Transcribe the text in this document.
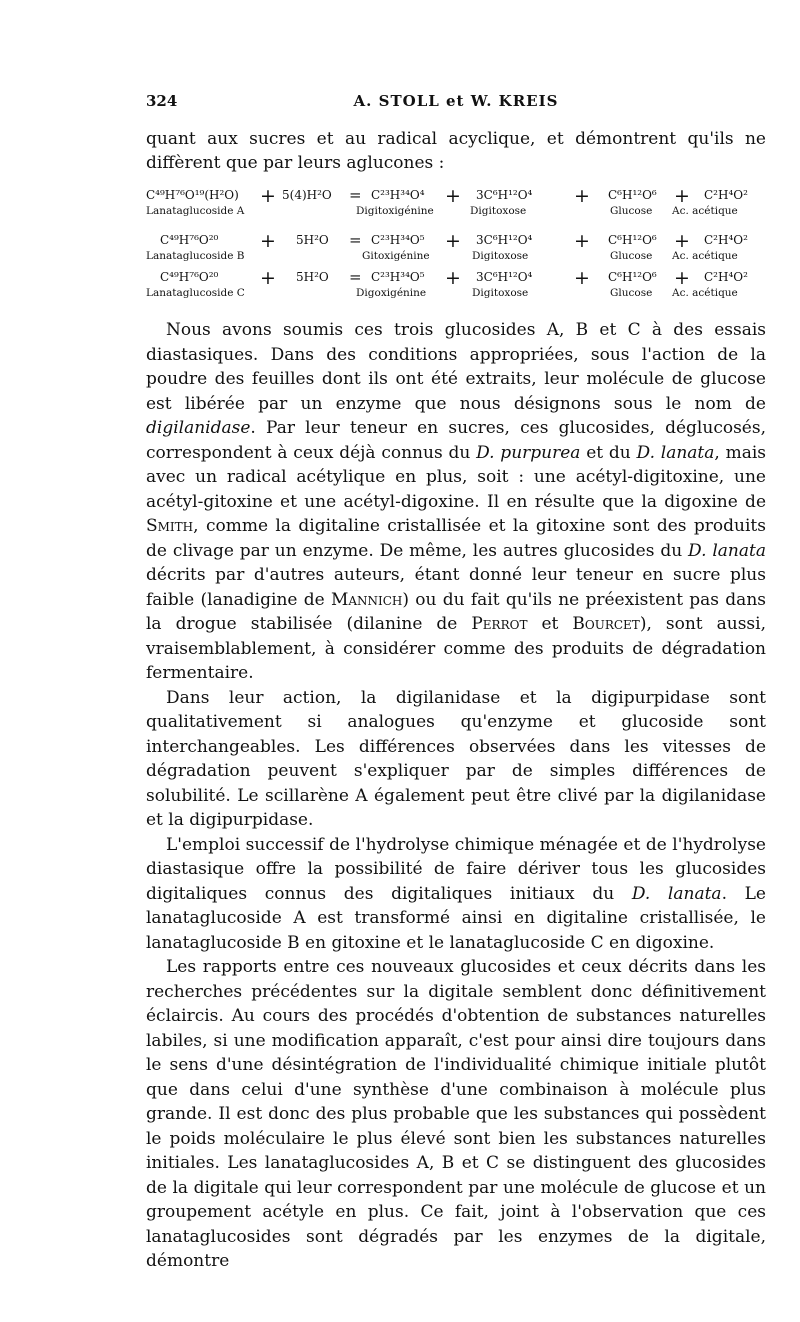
324	A. STOLL et W. KREIS
quant aux sucres et au radical acyclique, et démontrent qu'ils ne diffèrent que par leurs aglucones :
C⁴⁹H⁷⁶O¹⁹(H²O)
Lanataglucoside A
+ 5(4)H²O = C²³H³⁴O⁴
Digitoxigénine
+ 3C⁶H¹²O⁴
Digitoxose
+ C⁶H¹²O⁶
Glucose
+ C²H⁴O²
Ac. acétique
C⁴⁹H⁷⁶O²⁰
Lanataglucoside B
+ 5H²O = C²³H³⁴O⁵
Gitoxigénine
+ 3C⁶H¹²O⁴
Digitoxose
+ C⁶H¹²O⁶
Glucose
+ C²H⁴O²
Ac. acétique
C⁴⁹H⁷⁶O²⁰
Lanataglucoside C
+ 5H²O = C²³H³⁴O⁵
Digoxigénine
+ 3C⁶H¹²O⁴
Digitoxose
+ C⁶H¹²O⁶
Glucose
+ C²H⁴O²
Ac. acétique

Nous avons soumis ces trois glucosides A, B et C à des essais diastasiques. Dans des conditions appropriées, sous l'action de la poudre des feuilles dont ils ont été extraits, leur molécule de glucose est libérée par un enzyme que nous désignons sous le nom de digilanidase. Par leur teneur en sucres, ces glucosides, déglucosés, correspondent à ceux déjà connus du D. purpurea et du D. lanata, mais avec un radical acétylique en plus, soit : une acétyl-digitoxine, une acétyl-gitoxine et une acétyl-digoxine. Il en résulte que la digoxine de Smith, comme la digitaline cristallisée et la gitoxine sont des produits de clivage par un enzyme. De même, les autres glucosides du D. lanata décrits par d'autres auteurs, étant donné leur teneur en sucre plus faible (lanadigine de Mannich) ou du fait qu'ils ne préexistent pas dans la drogue stabilisée (dilanine de Perrot et Bourcet), sont aussi, vraisemblablement, à considérer comme des produits de dégradation fermentaire.

Dans leur action, la digilanidase et la digipurpidase sont qualitativement si analogues qu'enzyme et glucoside sont interchangeables. Les différences observées dans les vitesses de dégradation peuvent s'expliquer par de simples différences de solubilité. Le scillarène A également peut être clivé par la digilanidase et la digipurpidase.

L'emploi successif de l'hydrolyse chimique ménagée et de l'hydrolyse diastasique offre la possibilité de faire dériver tous les glucosides digitaliques connus des digitaliques initiaux du D. lanata. Le lanataglucoside A est transformé ainsi en digitaline cristallisée, le lanataglucoside B en gitoxine et le lanataglucoside C en digoxine.

Les rapports entre ces nouveaux glucosides et ceux décrits dans les recherches précédentes sur la digitale semblent donc définitivement éclaircis. Au cours des procédés d'obtention de substances naturelles labiles, si une modification apparaît, c'est pour ainsi dire toujours dans le sens d'une désintégration de l'individualité chimique initiale plutôt que dans celui d'une synthèse d'une combinaison à molécule plus grande. Il est donc des plus probable que les substances qui possèdent le poids moléculaire le plus élevé sont bien les substances naturelles initiales. Les lanataglucosides A, B et C se distinguent des glucosides de la digitale qui leur correspondent par une molécule de glucose et un groupement acétyle en plus. Ce fait, joint à l'observation que ces lanataglucosides sont dégradés par les enzymes de la digitale, démontre
